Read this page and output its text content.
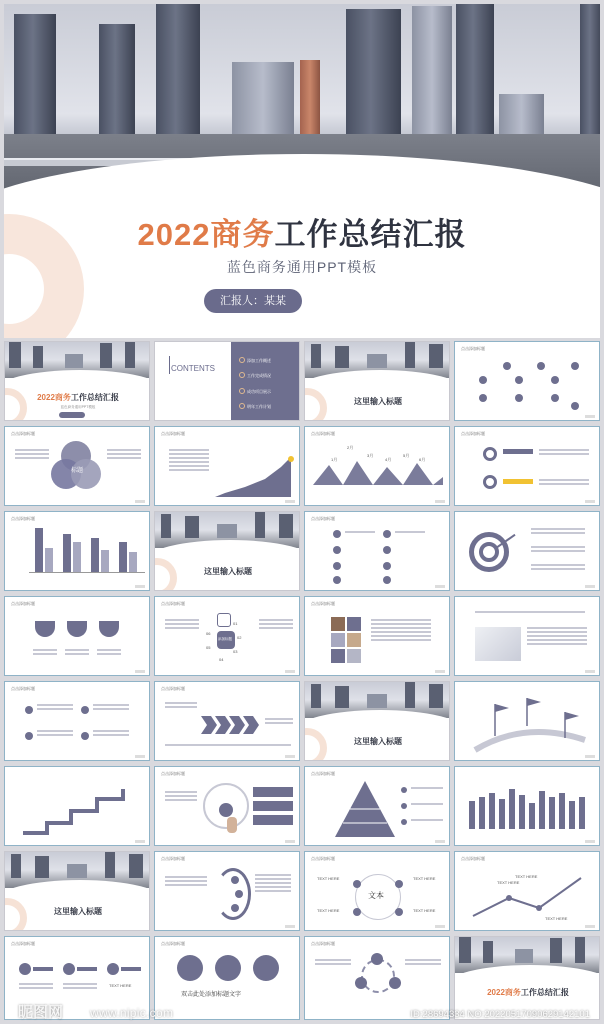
2022商务工作总结汇报
蓝色商务通用PPT模板
汇报人：某某
2022商务工作总结汇报
蓝色商务通用PPT模板
CONTENTS
添加工作概述
工作完成情况
成功项目展示
明年工作计划
这里输入标题
点击添加标题
点击添加标题
标题
点击添加标题	点击添加标题
1月
2月
3月
4月
5月
6月
点击添加标题
点击添加标题
这里输入标题
点击添加标题
点击添加标题	点击添加标题
06
01
02
03
05
04
添加标题
点击添加标题
点击添加标题	点击添加标题
这里输入标题
点击添加标题	点击添加标题
这里输入标题
点击添加标题	点击添加标题
文本
TEXT HERE	TEXT HERE
TEXT HERE	TEXT HERE
点击添加标题
TEXT HERE
TEXT HERE
TEXT HERE
点击添加标题
TEXT HERE
点击添加标题
双击此处添加标题文字
点击添加标题
2022商务工作总结汇报
昵图网 www.nipic.com	ID:28694334 NO:20220517090629142101
